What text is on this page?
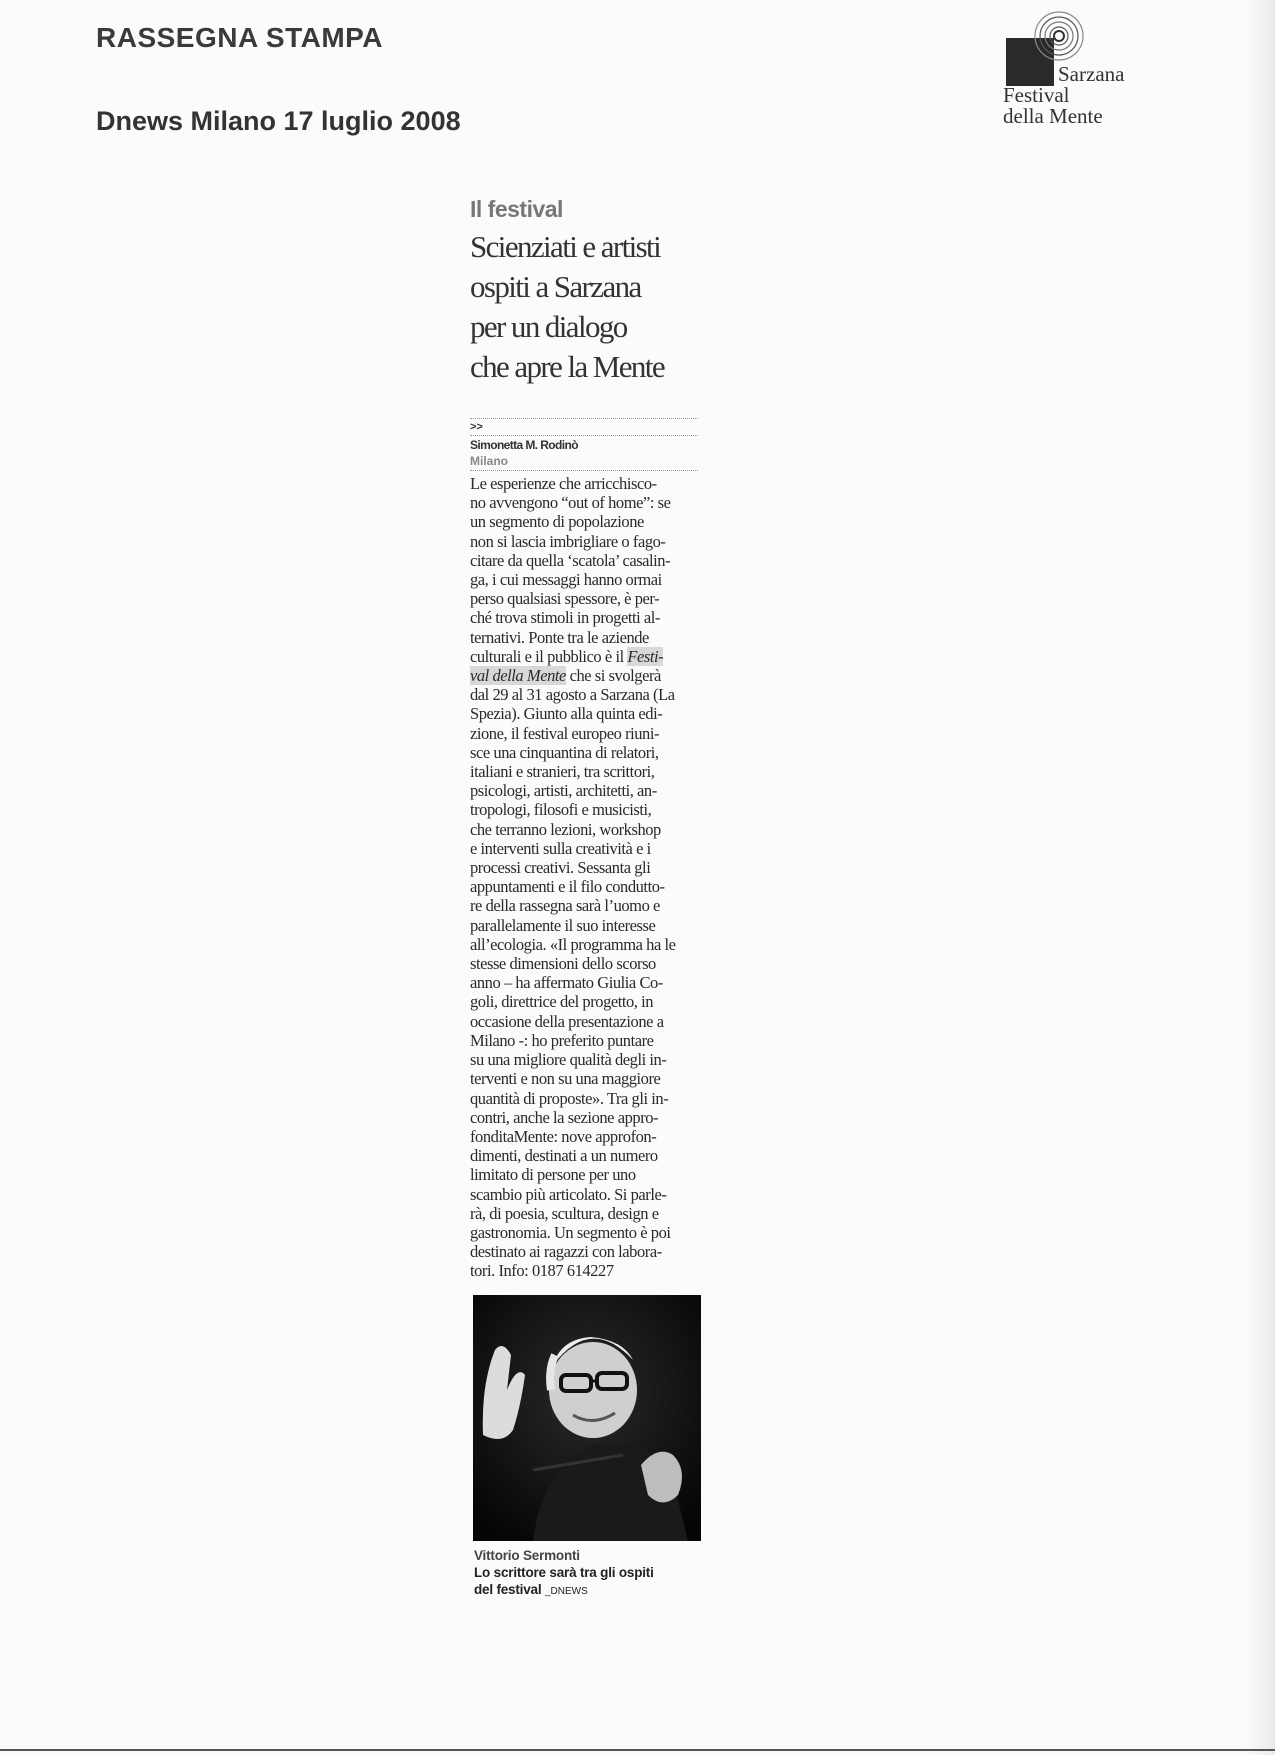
RASSEGNA STAMPA
Dnews Milano 17 luglio 2008
Sarzana
Festival
della Mente
Il festival
Scienziati e artisti
ospiti a Sarzana
per un dialogo
che apre la Mente
>>
Simonetta M. Rodinò
Milano
Le esperienze che arricchisco-
no avvengono “out of home”: se
un segmento di popolazione
non si lascia imbrigliare o fago-
citare da quella ‘scatola’ casalin-
ga, i cui messaggi hanno ormai
perso qualsiasi spessore, è per-
ché trova stimoli in progetti al-
ternativi. Ponte tra le aziende
culturali e il pubblico è il Festi-
val della Mente che si svolgerà
dal 29 al 31 agosto a Sarzana (La
Spezia). Giunto alla quinta edi-
zione, il festival europeo riuni-
sce una cinquantina di relatori,
italiani e stranieri, tra scrittori,
psicologi, artisti, architetti, an-
tropologi, filosofi e musicisti,
che terranno lezioni, workshop
e interventi sulla creatività e i
processi creativi. Sessanta gli
appuntamenti e il filo condutto-
re della rassegna sarà l’uomo e
parallelamente il suo interesse
all’ecologia. «Il programma ha le
stesse dimensioni dello scorso
anno – ha affermato Giulia Co-
goli, direttrice del progetto, in
occasione della presentazione a
Milano -: ho preferito puntare
su una migliore qualità degli in-
terventi e non su una maggiore
quantità di proposte». Tra gli in-
contri, anche la sezione appro-
fonditaMente: nove approfon-
dimenti, destinati a un numero
limitato di persone per uno
scambio più articolato. Si parle-
rà, di poesia, scultura, design e
gastronomia. Un segmento è poi
destinato ai ragazzi con labora-
tori. Info: 0187 614227
Vittorio Sermonti
Lo scrittore sarà tra gli ospiti
del festival _DNEWS
